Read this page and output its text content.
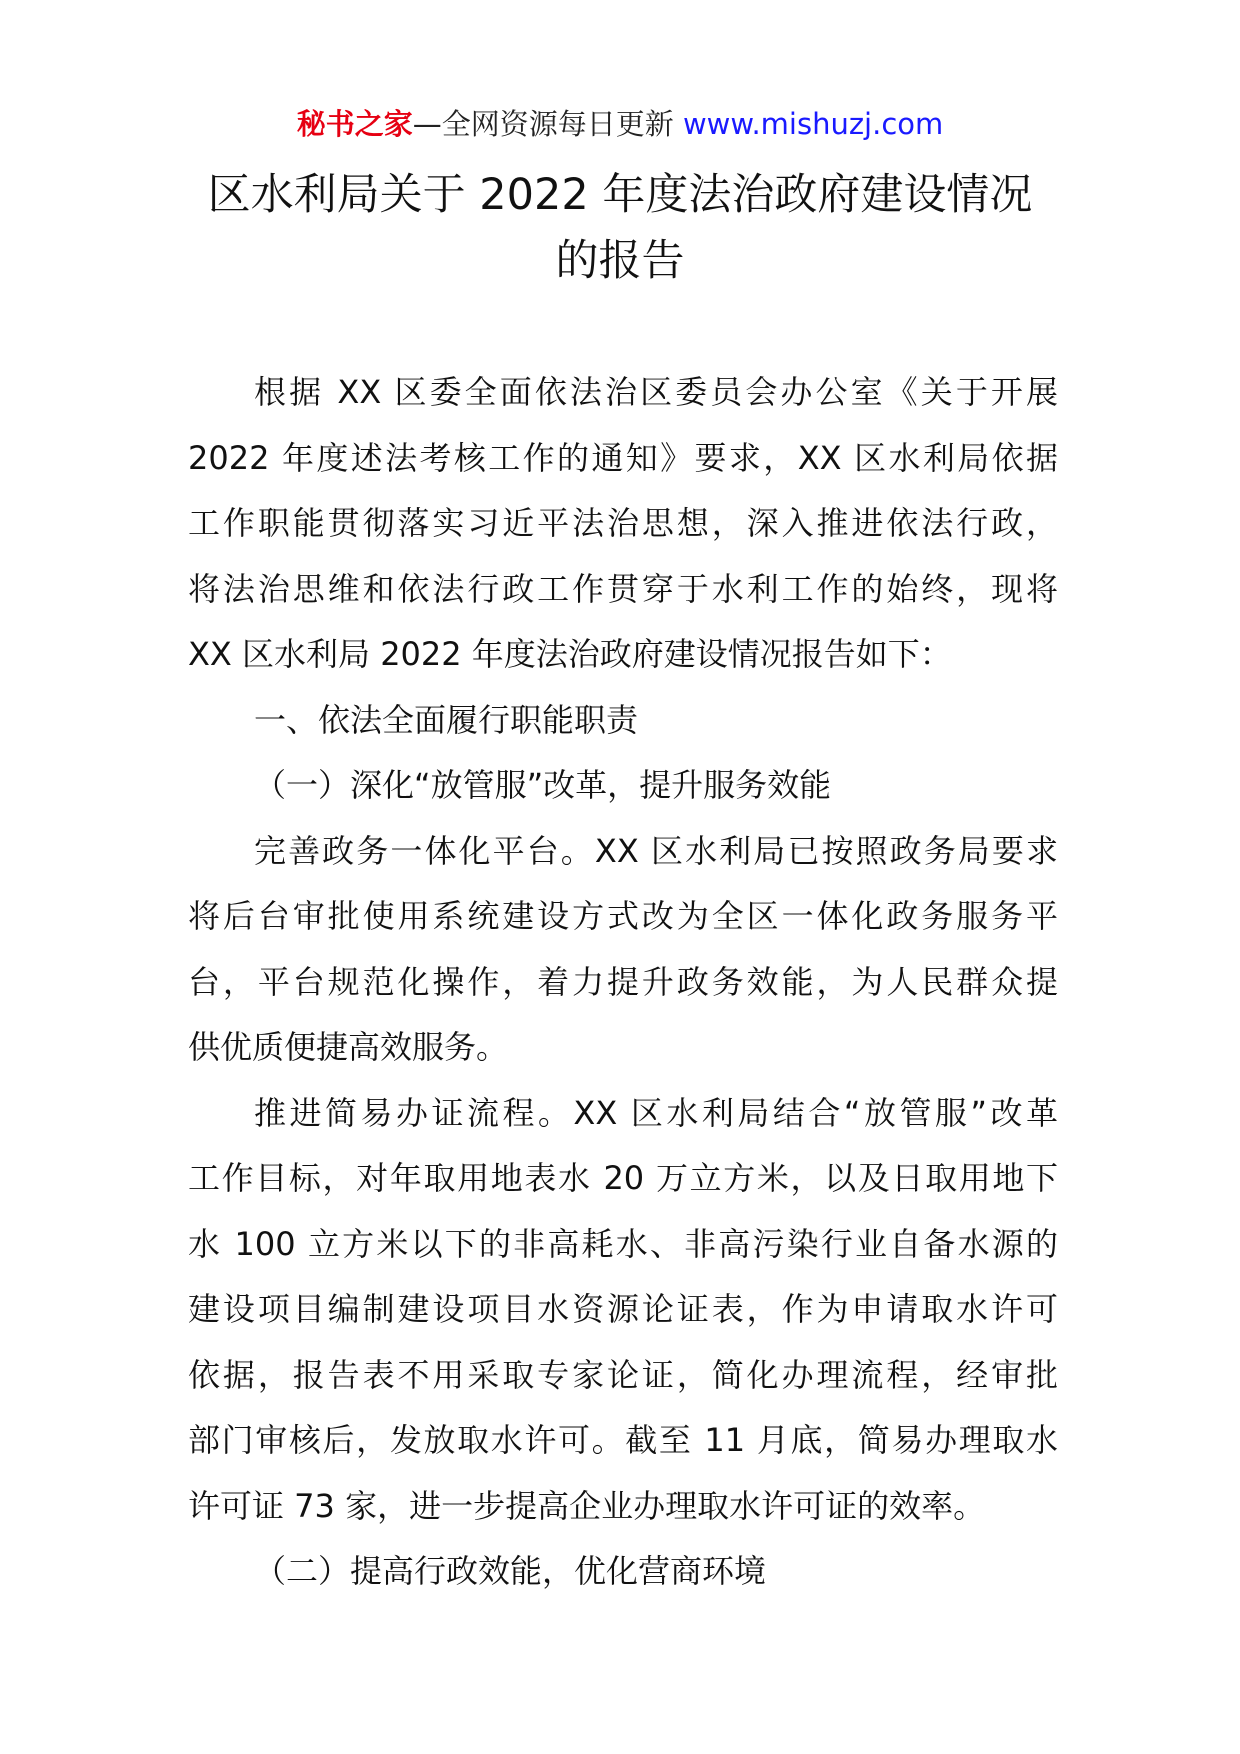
秘书之家—全网资源每日更新 www.mishuzj.com
区水利局关于 2022 年度法治政府建设情况
的报告
根据 XX 区委全面依法治区委员会办公室《关于开展
2022 年度述法考核工作的通知》要求，XX 区水利局依据
工作职能贯彻落实习近平法治思想，深入推进依法行政，
将法治思维和依法行政工作贯穿于水利工作的始终，现将
XX 区水利局 2022 年度法治政府建设情况报告如下：
一、依法全面履行职能职责
（一）深化“放管服”改革，提升服务效能
完善政务一体化平台。XX 区水利局已按照政务局要求
将后台审批使用系统建设方式改为全区一体化政务服务平
台，平台规范化操作，着力提升政务效能，为人民群众提
供优质便捷高效服务。
推进简易办证流程。XX 区水利局结合“放管服”改革
工作目标，对年取用地表水 20 万立方米，以及日取用地下
水 100 立方米以下的非高耗水、非高污染行业自备水源的
建设项目编制建设项目水资源论证表，作为申请取水许可
依据，报告表不用采取专家论证，简化办理流程，经审批
部门审核后，发放取水许可。截至 11 月底，简易办理取水
许可证 73 家，进一步提高企业办理取水许可证的效率。
（二）提高行政效能，优化营商环境
